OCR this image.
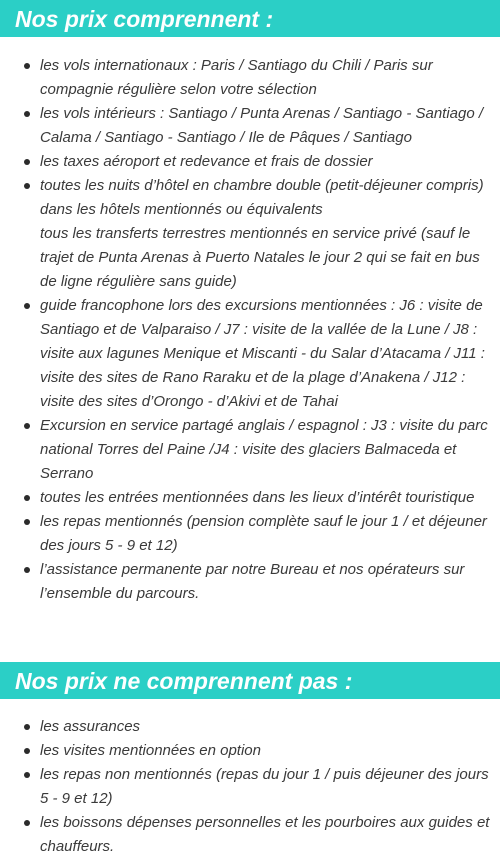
Nos prix comprennent :
les vols internationaux : Paris / Santiago du Chili / Paris sur compagnie régulière selon votre sélection
les vols intérieurs : Santiago / Punta Arenas / Santiago - Santiago / Calama / Santiago - Santiago / Ile de Pâques / Santiago
les taxes aéroport et redevance et frais de dossier
toutes les nuits d’hôtel en chambre double (petit-déjeuner compris) dans les hôtels mentionnés ou équivalents
tous les transferts terrestres mentionnés en service privé (sauf le trajet de Punta Arenas à Puerto Natales le jour 2 qui se fait en bus de ligne régulière sans guide)
guide francophone lors des excursions mentionnées : J6 : visite de Santiago et de Valparaiso / J7 : visite de la vallée de la Lune / J8 : visite aux lagunes Menique et Miscanti - du Salar d’Atacama / J11 : visite des sites de Rano Raraku et de la plage d’Anakena / J12 : visite des sites d’Orongo - d’Akivi et de Tahai
Excursion en service partagé anglais / espagnol : J3 : visite du parc national Torres del Paine /J4 : visite des glaciers Balmaceda et Serrano
toutes les entrées mentionnées dans les lieux d’intérêt touristique
les repas mentionnés (pension complète sauf le jour 1 / et déjeuner des jours 5 - 9 et 12)
l’assistance permanente par notre Bureau et nos opérateurs sur l’ensemble du parcours.
Nos prix ne comprennent pas :
les assurances
les visites mentionnées en option
les repas non mentionnés (repas du jour 1 / puis déjeuner des jours 5 - 9 et 12)
les boissons dépenses personnelles et les pourboires aux guides et chauffeurs.
